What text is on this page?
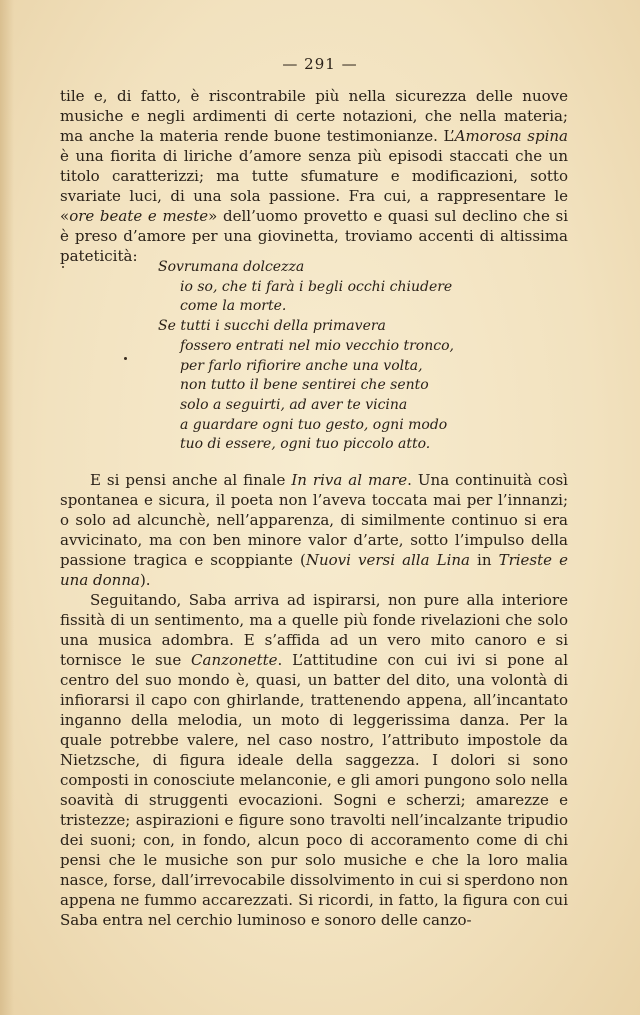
— 291 —

tile e, di fatto, è riscontrabile più nella sicurezza delle nuove musiche e negli ardimenti di certe notazioni, che nella materia; ma anche la materia rende buone testimonianze. L’Amorosa spina è una fiorita di liriche d’amore senza più episodi staccati che un titolo caratterizzi; ma tutte sfumature e modificazioni, sotto svariate luci, di una sola passione. Fra cui, a rappresentare le «ore beate e meste» dell’uomo provetto e quasi sul declino che si è preso d’amore per una giovinetta, troviamo accenti di altissima pateticità:

Sovrumana dolcezza
io so, che ti farà i begli occhi chiudere
come la morte.
Se tutti i succhi della primavera
fossero entrati nel mio vecchio tronco,
per farlo rifiorire anche una volta,
non tutto il bene sentirei che sento
solo a seguirti, ad aver te vicina
a guardare ogni tuo gesto, ogni modo
tuo di essere, ogni tuo piccolo atto.

E si pensi anche al finale In riva al mare. Una continuità così spontanea e sicura, il poeta non l’aveva toccata mai per l’innanzi; o solo ad alcunchè, nell’apparenza, di similmente continuo si era avvicinato, ma con ben minore valor d’arte, sotto l’impulso della passione tragica e scoppiante (Nuovi versi alla Lina in Trieste e una donna).

Seguitando, Saba arriva ad ispirarsi, non pure alla interiore fissità di un sentimento, ma a quelle più fonde rivelazioni che solo una musica adombra. E s’affida ad un vero mito canoro e si tornisce le sue Canzonette. L’attitudine con cui ivi si pone al centro del suo mondo è, quasi, un batter del dito, una volontà di infiorarsi il capo con ghirlande, trattenendo appena, all’incantato inganno della melodia, un moto di leggerissima danza. Per la quale potrebbe valere, nel caso nostro, l’attributo impostole da Nietzsche, di figura ideale della saggezza. I dolori si sono composti in conosciute melanconie, e gli amori pungono solo nella soavità di struggenti evocazioni. Sogni e scherzi; amarezze e tristezze; aspirazioni e figure sono travolti nell’incalzante tripudio dei suoni; con, in fondo, alcun poco di accoramento come di chi pensi che le musiche son pur solo musiche e che la loro malia nasce, forse, dall’irrevocabile dissolvimento in cui si sperdono non appena ne fummo accarezzati. Si ricordi, in fatto, la figura con cui Saba entra nel cerchio luminoso e sonoro delle canzo-
